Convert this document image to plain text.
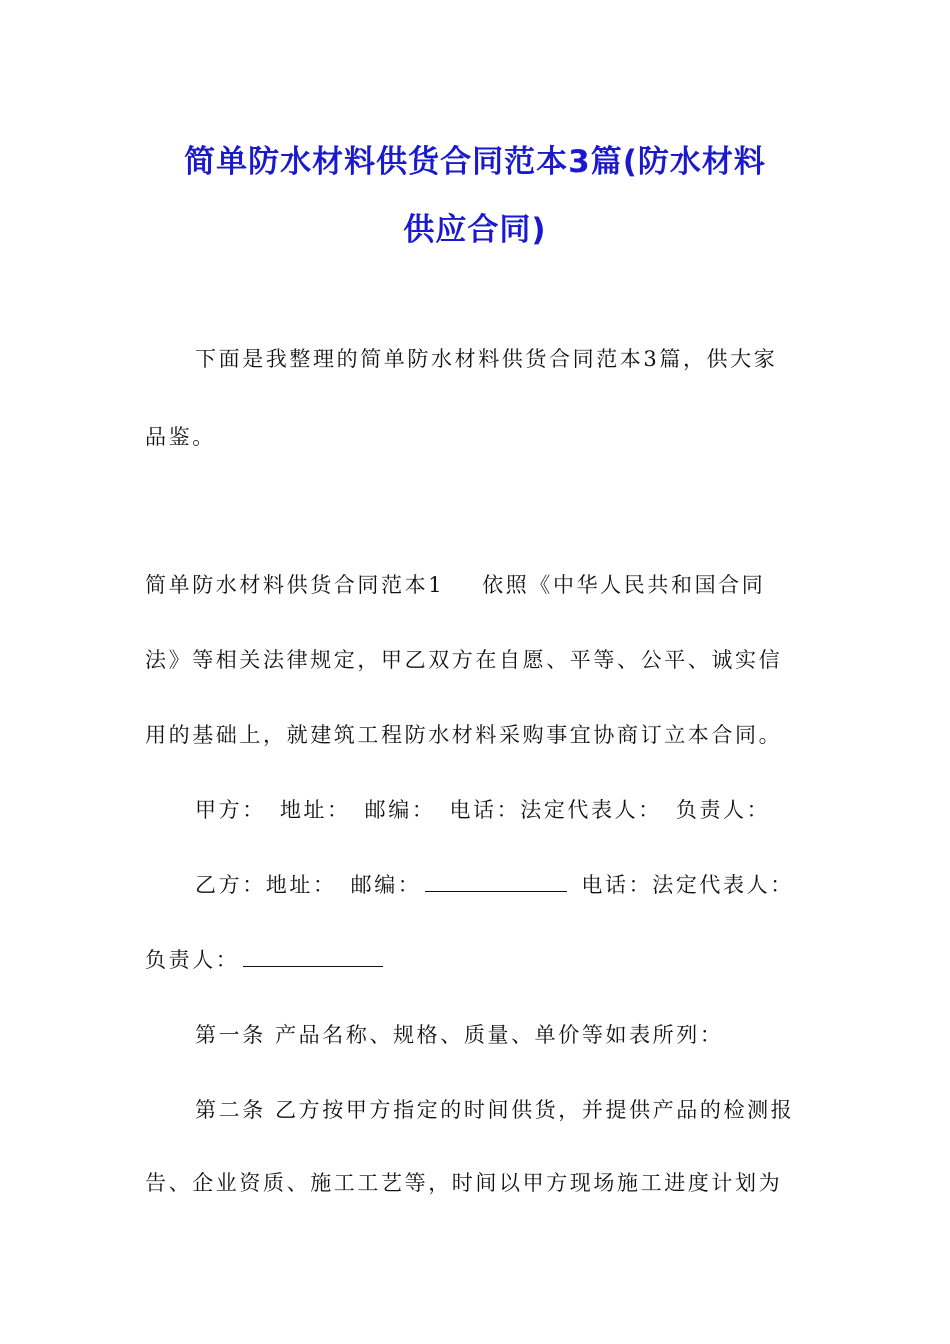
简单防水材料供货合同范本3篇(防水材料
供应合同)
下面是我整理的简单防水材料供货合同范本3篇，供大家
品鉴。
简单防水材料供货合同范本1 依照《中华人民共和国合同
法》等相关法律规定，甲乙双方在自愿、平等、公平、诚实信
用的基础上，就建筑工程防水材料采购事宜协商订立本合同。
甲方： 地址： 邮编： 电话：法定代表人： 负责人：
乙方：地址： 邮编：	电话：法定代表人：
负责人：
第一条 产品名称、规格、质量、单价等如表所列：
第二条 乙方按甲方指定的时间供货，并提供产品的检测报
告、企业资质、施工工艺等，时间以甲方现场施工进度计划为
